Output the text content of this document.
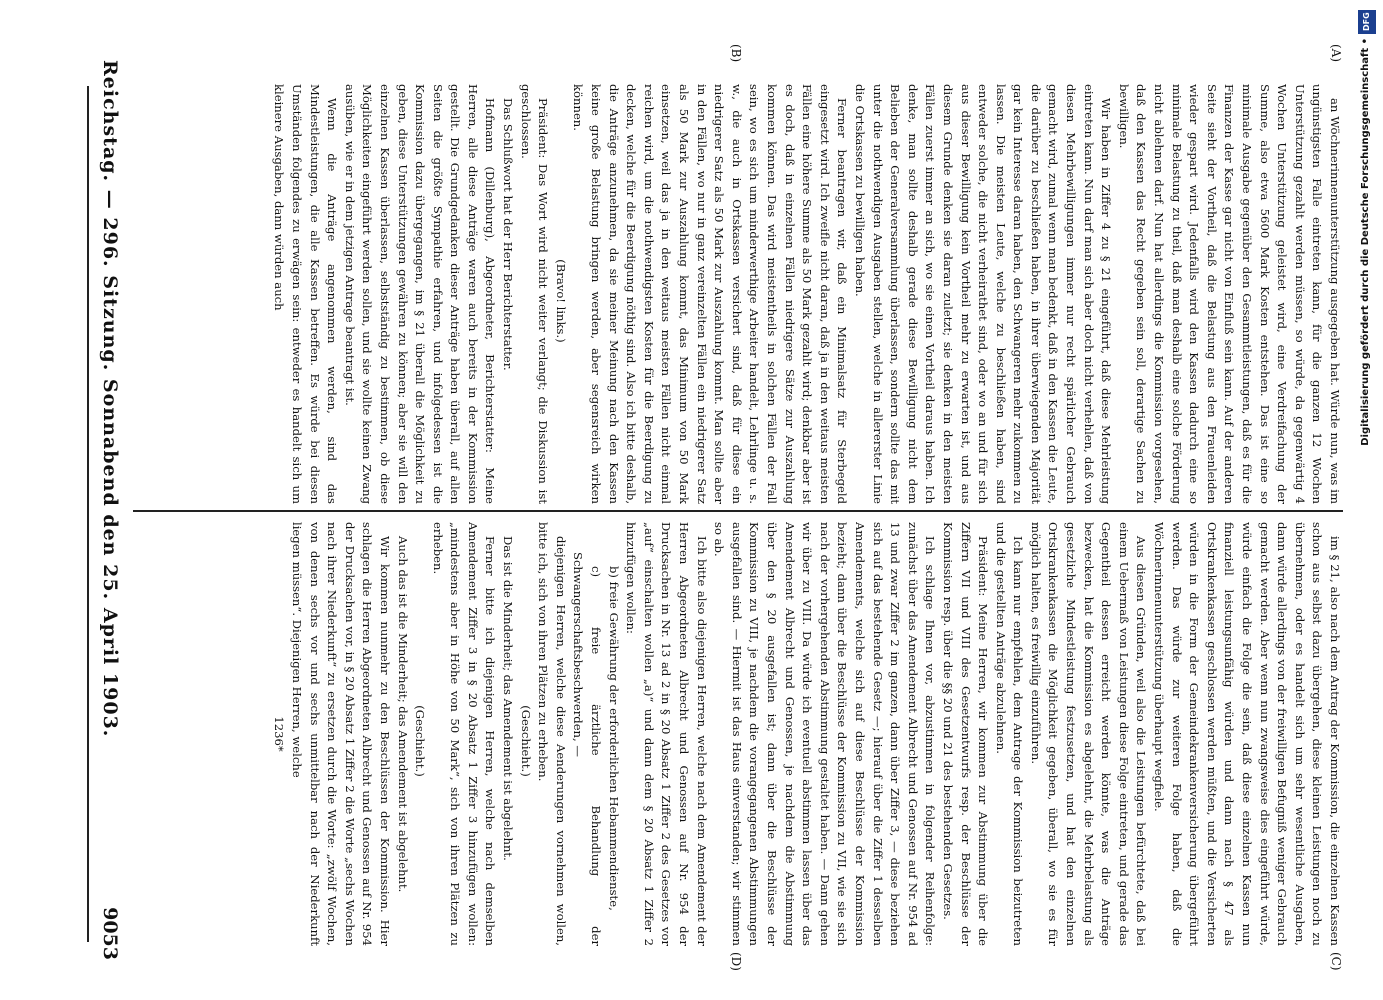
Reichstag. — 296. Sitzung. Sonnabend den 25. April 1903.
9053

an Wöchnerinnenunterstützung ausgegeben hat. Würde nun, was im ungünstigsten Falle eintreten kann, für die ganzen 12 Wochen Unterstützung gezahlt werden müssen, so würde, da gegenwärtig 4 Wochen Unterstützung geleistet wird, eine Verdreifachung der Summe, also etwa 5600 Mark Kosten entstehen. Das ist eine so minimale Ausgabe gegenüber den Gesammtleistungen, daß es für die Finanzen der Kasse gar nicht von Einfluß sein kann. Auf der anderen Seite sieht der Vortheil, daß die Belastung aus den Frauenleiden wieder gespart wird. Jedenfalls wird den Kassen dadurch eine so minimale Belastung zu theil, daß man deshalb eine solche Förderung nicht ablehnen darf. Nun hat allerdings die Kommission vorgesehen, daß den Kassen das Recht gegeben sein soll, derartige Sachen zu bewilligen.

Wir haben in Ziffer 4 zu § 21 eingeführt, daß diese Mehrleistung eintreten kann. Nun darf man sich aber doch nicht verhehlen, daß von diesen Mehrbewilligungen immer nur recht spärlicher Gebrauch gemacht wird, zumal wenn man bedenkt, daß in den Kassen die Leute, die darüber zu beschließen haben, in ihrer überwiegenden Majorität gar kein Interesse daran haben, den Schwangeren mehr zukommen zu lassen. Die meisten Leute, welche zu beschließen haben, sind entweder solche, die nicht verheirathet sind, oder wo an und für sich aus dieser Bewilligung kein Vortheil mehr zu erwarten ist, und aus diesem Grunde denken sie daran zuletzt; sie denken in den meisten Fällen zuerst immer an sich, wo sie einen Vortheil daraus haben. Ich denke, man sollte deshalb gerade diese Bewilligung nicht dem Belieben der Generalversammlung überlassen, sondern sollte das mit unter die nothwendigen Ausgaben stellen, welche in allererster Linie die Ortskassen zu bewilligen haben.

Ferner beantragen wir, daß ein Minimalsatz für Sterbegeld eingesetzt wird. Ich zweifle nicht daran, daß ja in den weitaus meisten Fällen eine höhere Summe als 50 Mark gezahlt wird; denkbar aber ist es doch, daß in einzelnen Fällen niedrigere Sätze zur Auszahlung kommen können. Das wird meistentheils in solchen Fällen der Fall sein, wo es sich um minderwerthige Arbeiter handelt, Lehrlinge u. s. w., die auch in Ortskassen versichert sind, daß für diese ein niedrigerer Satz als 50 Mark zur Auszahlung kommt. Man sollte aber in den Fällen, wo nur in ganz vereinzelten Fällen ein niedrigerer Satz als 50 Mark zur Auszahlung kommt, das Minimum von 50 Mark einsetzen, weil das ja in den weitaus meisten Fällen nicht einmal reichen wird, um die nothwendigsten Kosten für die Beerdigung zu decken, welche für die Beerdigung nöthig sind. Also ich bitte deshalb, die Anträge anzunehmen, da sie meiner Meinung nach den Kassen keine große Belastung bringen werden, aber segensreich wirken können.

(Bravo! links.)

Präsident: Das Wort wird nicht weiter verlangt; die Diskussion ist geschlossen.

Das Schlußwort hat der Herr Berichterstatter.

Hofmann (Dillenburg), Abgeordneter, Berichterstatter: Meine Herren, alle diese Anträge waren auch bereits in der Kommission gestellt. Die Grundgedanken dieser Anträge haben überall, auf allen Seiten die größte Sympathie erfahren, und infolgedessen ist die Kommission dazu übergegangen, im § 21 überall die Möglichkeit zu geben, diese Unterstützungen gewähren zu können; aber sie will den einzelnen Kassen überlassen, selbstständig zu bestimmen, ob diese Möglichkeiten eingeführt werden sollen, und sie wollte keinen Zwang ausüben, wie er in dem jetzigen Antrage beantragt ist.

Wenn die Anträge angenommen werden, sind das Mindestleistungen, die alle Kassen betreffen. Es würde bei diesen Umständen folgendes zu erwägen sein: entweder es handelt sich um kleinere Ausgaben, dann würden auch

im § 21, also nach dem Antrag der Kommission, die einzelnen Kassen schon aus selbst dazu übergehen, diese kleinen Leistungen noch zu übernehmen, oder es handelt sich um sehr wesentliche Ausgaben, dann würde allerdings von der freiwilligen Befugniß weniger Gebrauch gemacht werden. Aber wenn nun zwangsweise dies eingeführt würde, würde einfach die Folge die sein, daß diese einzelnen Kassen nun finanziell leistungsunfähig würden und dann nach § 47 als Ortskrankenkassen geschlossen werden müßten, und die Versicherten würden in die Form der Gemeindekrankenversicherung übergeführt werden. Das würde zur weiteren Folge haben, daß die Wöchnerinnenunterstützung überhaupt wegfiele.

Aus diesen Gründen, weil also die Leistungen befürchtete, daß bei einem Uebermaß von Leistungen diese Folge eintreten, und gerade das Gegentheil dessen erreicht werden könnte, was die Anträge bezwecken, hat die Kommission es abgelehnt, die Mehrbelastung als gesetzliche Mindestleistung festzusetzen, und hat den einzelnen Ortskrankenkassen die Möglichkeit gegeben, überall, wo sie es für möglich halten, es freiwillig einzuführen.

Ich kann nur empfehlen, dem Antrage der Kommission beizutreten und die gestellten Anträge abzulehnen.

Präsident: Meine Herren, wir kommen zur Abstimmung über die Ziffern VII und VIII des Gesetzentwurfs resp. der Beschlüsse der Kommission resp. über die §§ 20 und 21 des bestehenden Gesetzes.

Ich schlage Ihnen vor, abzustimmen in folgender Reihenfolge: zunächst über das Amendement Albrecht und Genossen auf Nr. 954 ad 13 und zwar Ziffer 2 im ganzen, dann über Ziffer 3, — diese beziehen sich auf das bestehende Gesetz —; hierauf über die Ziffer 1 desselben Amendements, welche sich auf diese Beschlüsse der Kommission bezieht; dann über die Beschlüsse der Kommission zu VII, wie sie sich nach der vorhergehenden Abstimmung gestaltet haben. — Dann gehen wir über zu VIII. Da würde ich eventuell abstimmen lassen über das Amendement Albrecht und Genossen, je nachdem die Abstimmung über den § 20 ausgefallen ist; dann über die Beschlüsse der Kommission zu VIII, je nachdem die vorangegangenen Abstimmungen ausgefallen sind. — Hiermit ist das Haus einverstanden; wir stimmen so ab.

Ich bitte also diejenigen Herren, welche nach dem Amendement der Herren Abgeordneten Albrecht und Genossen auf Nr. 954 der Drucksachen in Nr. 13 ad 2 in § 20 Absatz 1 Ziffer 2 des Gesetzes vor „auf“ einschalten wollen „a)“ und dann dem § 20 Absatz 1 Ziffer 2 hinzufügen wollen:

b) freie Gewährung der erforderlichen Hebammendienste,

c) freie ärztliche Behandlung der Schwangerschaftsbeschwerden, —

diejenigen Herren, welche diese Aenderungen vornehmen wollen, bitte ich, sich von ihren Plätzen zu erheben.

(Geschieht.)

Das ist die Minderheit; das Amendement ist abgelehnt.

Ferner bitte ich diejenigen Herren, welche nach demselben Amendement Ziffer 3 in § 20 Absatz 1 Ziffer 3 hinzufügen wollen: „mindestens aber in Höhe von 50 Mark“, sich von ihren Plätzen zu erheben.

(Geschieht.)

Auch das ist die Minderheit; das Amendement ist abgelehnt.

Wir kommen nunmehr zu den Beschlüssen der Kommission. Hier schlagen die Herren Abgeordneten Albrecht und Genossen auf Nr. 954 der Drucksachen vor, in § 20 Absatz 1 Ziffer 2 die Worte „sechs Wochen nach ihrer Niederkunft“ zu ersetzen durch die Worte: „zwölf Wochen, von denen sechs vor und sechs unmittelbar nach der Niederkunft liegen müssen“. Diejenigen Herren, welche

1236*

(A)
(B)
(C)
(D)
DFG
Digitalisierung gefördert durch die Deutsche Forschungsgemeinschaft •
